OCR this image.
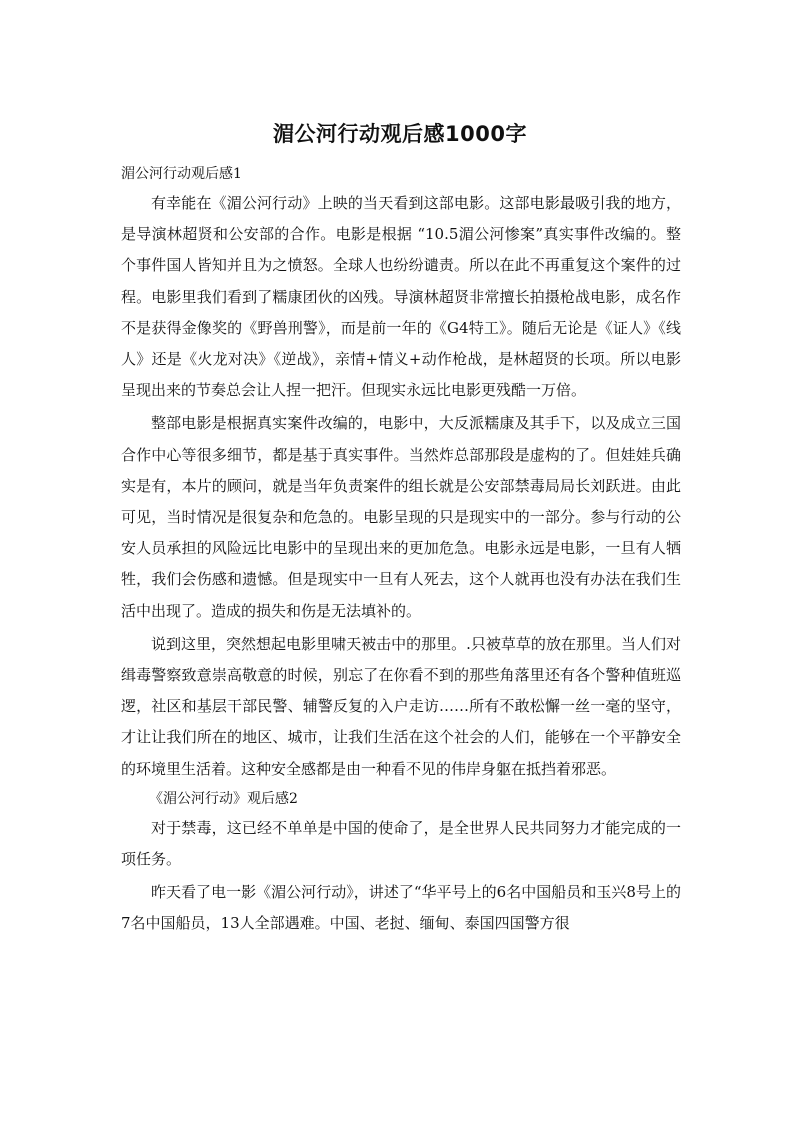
湄公河行动观后感1000字

湄公河行动观后感1

有幸能在《湄公河行动》上映的当天看到这部电影。这部电影最吸引我的地方，是导演林超贤和公安部的合作。电影是根据 “10.5湄公河惨案”真实事件改编的。整个事件国人皆知并且为之愤怒。全球人也纷纷谴责。所以在此不再重复这个案件的过程。电影里我们看到了糯康团伙的凶残。导演林超贤非常擅长拍摄枪战电影，成名作不是获得金像奖的《野兽刑警》，而是前一年的《G4特工》。随后无论是《证人》《线人》还是《火龙对决》《逆战》，亲情+情义+动作枪战，是林超贤的长项。所以电影呈现出来的节奏总会让人捏一把汗。但现实永远比电影更残酷一万倍。

整部电影是根据真实案件改编的，电影中，大反派糯康及其手下，以及成立三国合作中心等很多细节，都是基于真实事件。当然炸总部那段是虚构的了。但娃娃兵确实是有，本片的顾问，就是当年负责案件的组长就是公安部禁毒局局长刘跃进。由此可见，当时情况是很复杂和危急的。电影呈现的只是现实中的一部分。参与行动的公安人员承担的风险远比电影中的呈现出来的更加危急。电影永远是电影，一旦有人牺牲，我们会伤感和遗憾。但是现实中一旦有人死去，这个人就再也没有办法在我们生活中出现了。造成的损失和伤是无法填补的。

说到这里，突然想起电影里啸天被击中的那里。.只被草草的放在那里。当人们对缉毒警察致意崇高敬意的时候，别忘了在你看不到的那些角落里还有各个警种值班巡逻，社区和基层干部民警、辅警反复的入户走访……所有不敢松懈一丝一毫的坚守，才让让我们所在的地区、城市，让我们生活在这个社会的人们，能够在一个平静安全的环境里生活着。这种安全感都是由一种看不见的伟岸身躯在抵挡着邪恶。

《湄公河行动》观后感2

对于禁毒，这已经不单单是中国的使命了，是全世界人民共同努力才能完成的一项任务。

昨天看了电一影《湄公河行动》，讲述了“华平号上的6名中国船员和玉兴8号上的7名中国船员，13人全部遇难。中国、老挝、缅甸、泰国四国警方很
